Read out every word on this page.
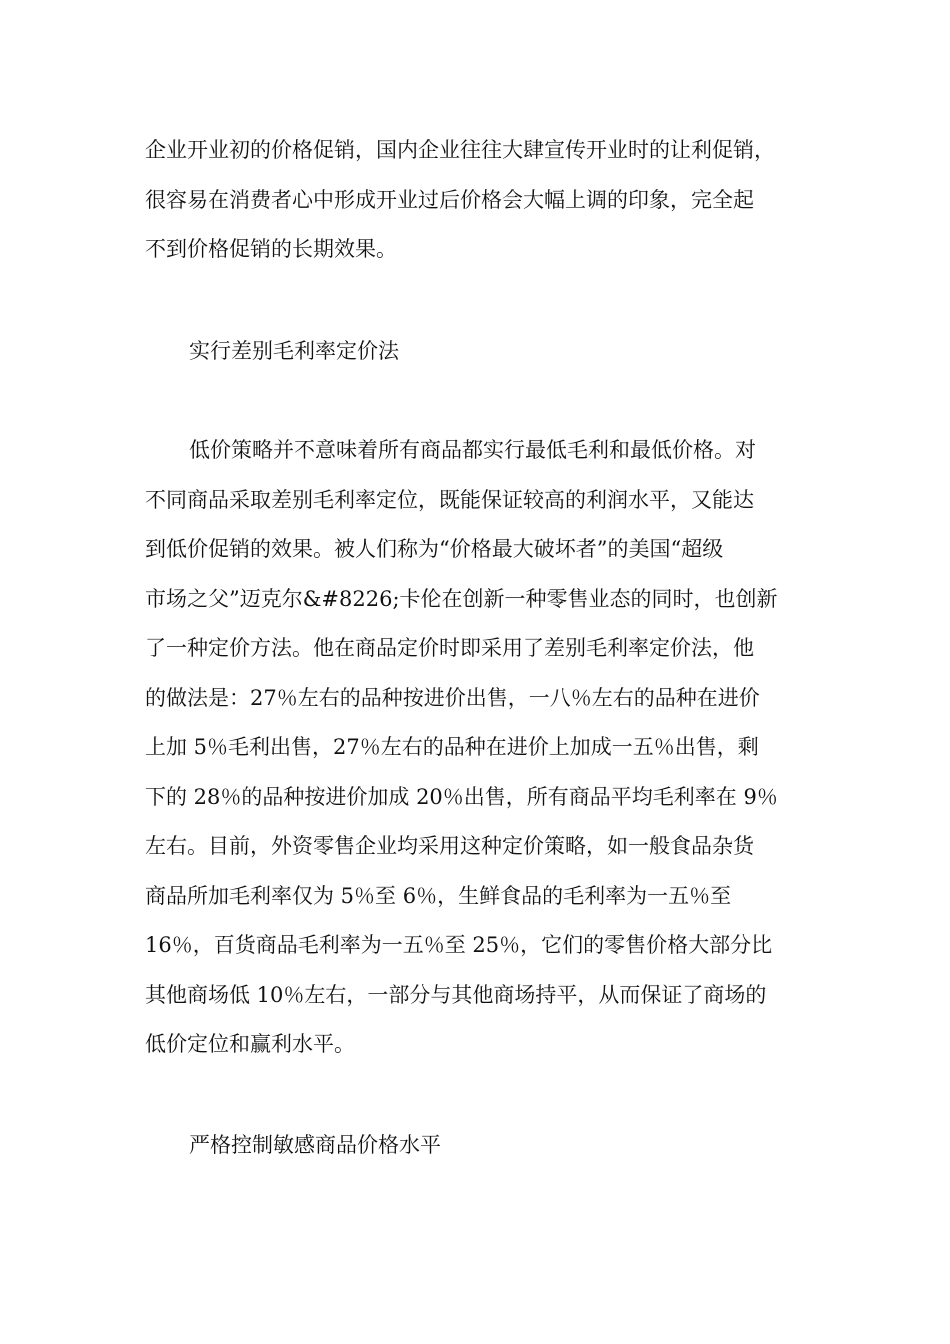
企业开业初的价格促销，国内企业往往大肆宣传开业时的让利促销，
很容易在消费者心中形成开业过后价格会大幅上调的印象，完全起
不到价格促销的长期效果。
实行差别毛利率定价法
低价策略并不意味着所有商品都实行最低毛利和最低价格。对
不同商品采取差别毛利率定位，既能保证较高的利润水平，又能达
到低价促销的效果。被人们称为“价格最大破坏者”的美国“超级
市场之父”迈克尔&#8226;卡伦在创新一种零售业态的同时，也创新
了一种定价方法。他在商品定价时即采用了差别毛利率定价法，他
的做法是：27％左右的品种按进价出售，一八％左右的品种在进价
上加 5％毛利出售，27％左右的品种在进价上加成一五％出售，剩
下的 28％的品种按进价加成 20％出售，所有商品平均毛利率在 9％
左右。目前，外资零售企业均采用这种定价策略，如一般食品杂货
商品所加毛利率仅为 5％至 6％，生鲜食品的毛利率为一五％至
16％，百货商品毛利率为一五％至 25％，它们的零售价格大部分比
其他商场低 10％左右，一部分与其他商场持平，从而保证了商场的
低价定位和赢利水平。
严格控制敏感商品价格水平
